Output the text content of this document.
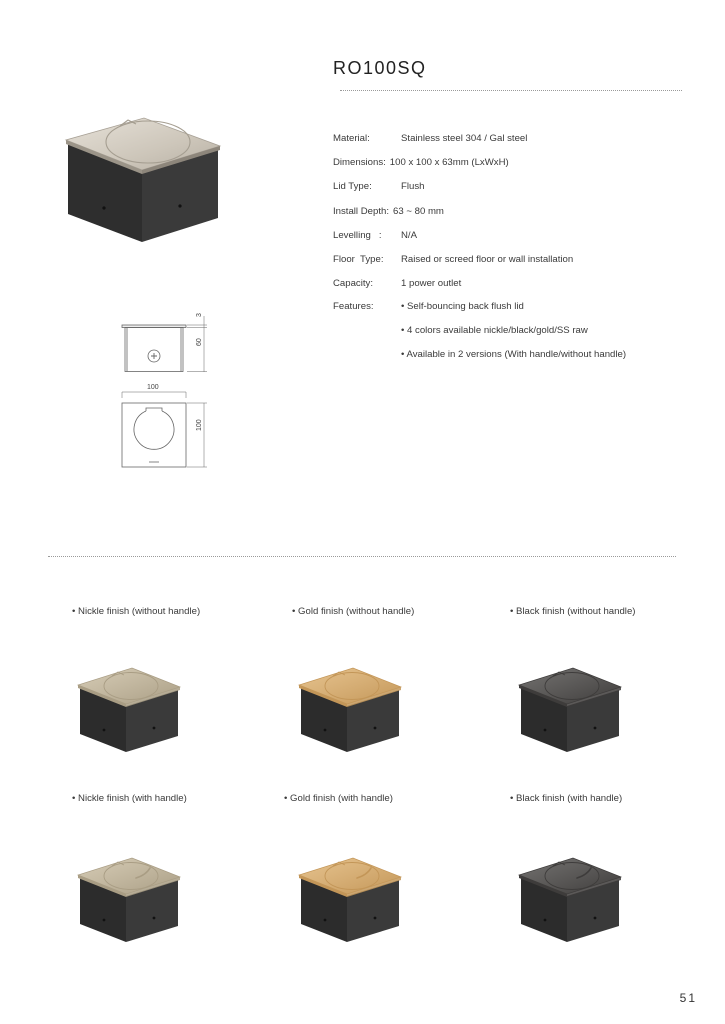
RO100SQ
Material:	Stainless steel 304 / Gal steel
Dimensions: 100 x 100 x 63mm (LxWxH)
Lid Type:	Flush
Install Depth: 63 ~ 80 mm
Levelling   : N/A
Floor  Type: Raised or screed floor or wall installation
Capacity:	1 power outlet
Features:	• Self-bouncing back flush lid
• 4 colors available nickle/black/gold/SS raw
• Available in 2 versions (With handle/without handle)
3
60
100
100
• Nickle finish (without handle)	• Gold finish (without handle)	• Black finish (without handle)
• Nickle finish (with handle)	• Gold finish (with handle)	• Black finish (with handle)
51
